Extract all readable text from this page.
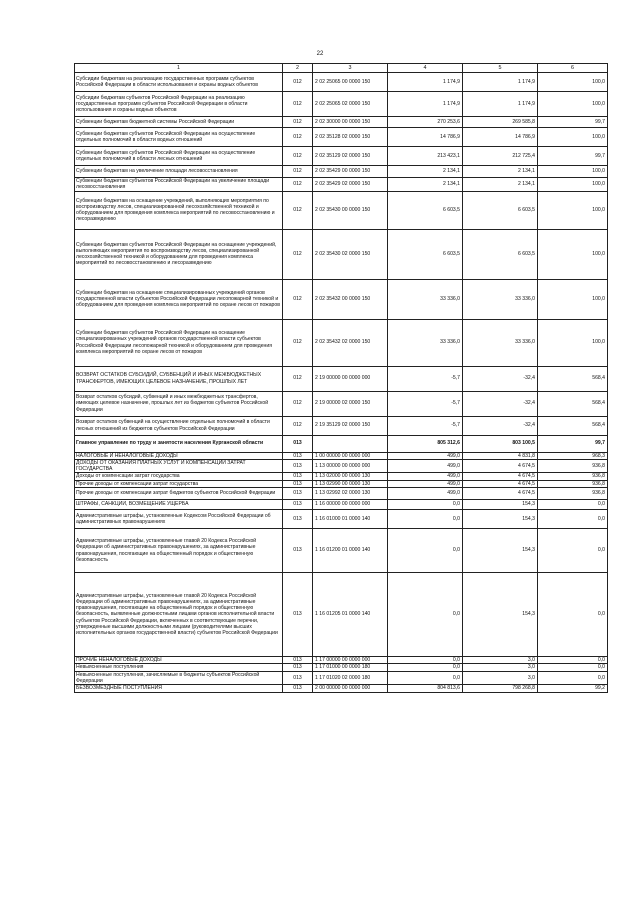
22
1	2	3	4	5	6
Субсидии бюджетам на реализацию государственных программ субъектов Российской Федерации в области использования и охраны водных объектов	012	2 02 25065 00 0000 150	1 174,9	1 174,9	100,0
Субсидии бюджетам субъектов Российской Федерации на реализацию государственных программ субъектов Российской Федерации в области использования и охраны водных объектов	012	2 02 25065 02 0000 150	1 174,9	1 174,9	100,0
Субвенции бюджетам бюджетной системы Российской Федерации	012	2 02 30000 00 0000 150	270 253,6	269 585,8	99,7
Субвенции бюджетам субъектов Российской Федерации на осуществление отдельных полномочий в области водных отношений	012	2 02 35128 02 0000 150	14 786,9	14 786,9	100,0
Субвенции бюджетам субъектов Российской Федерации на осуществление отдельных полномочий в области лесных отношений	012	2 02 35129 02 0000 150	213 423,1	212 725,4	99,7
Субвенции бюджетам на увеличение площади лесовосстановления	012	2 02 35429 00 0000 150	2 134,1	2 134,1	100,0
Субвенции бюджетам субъектов Российской Федерации на увеличение площади лесовосстановления	012	2 02 35429 02 0000 150	2 134,1	2 134,1	100,0
Субвенции бюджетам на оснащение учреждений, выполняющих мероприятия по воспроизводству лесов, специализированной лесохозяйственной техникой и оборудованием для проведения комплекса мероприятий по лесовосстановлению и лесоразведению	012	2 02 35430 00 0000 150	6 603,5	6 603,5	100,0
Субвенции бюджетам субъектов Российской Федерации на оснащение учреждений, выполняющих мероприятия по воспроизводству лесов, специализированной лесохозяйственной техникой и оборудованием для проведения комплекса мероприятий по лесовосстановлению и лесоразведению	012	2 02 35430 02 0000 150	6 603,5	6 603,5	100,0
Субвенции бюджетам на оснащение специализированных учреждений органов государственной власти субъектов Российской Федерации лесопожарной техникой и оборудованием для проведения комплекса мероприятий по охране лесов от пожаров	012	2 02 35432 00 0000 150	33 336,0	33 336,0	100,0
Субвенции бюджетам субъектов Российской Федерации на оснащение специализированных учреждений органов государственной власти субъектов Российской Федерации лесопожарной техникой и оборудованием для проведения комплекса мероприятий по охране лесов от пожаров	012	2 02 35432 02 0000 150	33 336,0	33 336,0	100,0
ВОЗВРАТ ОСТАТКОВ СУБСИДИЙ, СУБВЕНЦИЙ И ИНЫХ МЕЖБЮДЖЕТНЫХ ТРАНСФЕРТОВ, ИМЕЮЩИХ ЦЕЛЕВОЕ НАЗНАЧЕНИЕ, ПРОШЛЫХ ЛЕТ	012	2 19 00000 00 0000 000	-5,7	-32,4	568,4
Возврат остатков субсидий, субвенций и иных межбюджетных трансфертов, имеющих целевое назначение, прошлых лет из бюджетов субъектов Российской Федерации	012	2 19 00000 02 0000 150	-5,7	-32,4	568,4
Возврат остатков субвенций на осуществление отдельных полномочий в области лесных отношений из бюджетов субъектов Российской Федерации	012	2 19 35129 02 0000 150	-5,7	-32,4	568,4
Главное управление по труду и занятости населения Курганской области	013		805 312,6	803 100,5	99,7
НАЛОГОВЫЕ И НЕНАЛОГОВЫЕ ДОХОДЫ	013	1 00 00000 00 0000 000	499,0	4 831,8	968,3
ДОХОДЫ ОТ ОКАЗАНИЯ ПЛАТНЫХ УСЛУГ И КОМПЕНСАЦИИ ЗАТРАТ ГОСУДАРСТВА	013	1 13 00000 00 0000 000	499,0	4 674,5	936,8
Доходы от компенсации затрат государства	013	1 13 02000 00 0000 130	499,0	4 674,5	936,8
Прочие доходы от компенсации затрат государства	013	1 13 02990 00 0000 130	499,0	4 674,5	936,8
Прочие доходы от компенсации затрат бюджетов субъектов Российской Федерации	013	1 13 02992 02 0000 130	499,0	4 674,5	936,8
ШТРАФЫ, САНКЦИИ, ВОЗМЕЩЕНИЕ УЩЕРБА	013	1 16 00000 00 0000 000	0,0	154,3	0,0
Административные штрафы, установленные Кодексом Российской Федерации об административных правонарушениях	013	1 16 01000 01 0000 140	0,0	154,3	0,0
Административные штрафы, установленные главой 20 Кодекса Российской Федерации об административных правонарушениях, за административные правонарушения, посягающие на общественный порядок и общественную безопасность	013	1 16 01200 01 0000 140	0,0	154,3	0,0
Административные штрафы, установленные главой 20 Кодекса Российской Федерации об административных правонарушениях, за административные правонарушения, посягающие на общественный порядок и общественную безопасность, выявленные должностными лицами органов исполнительной власти субъектов Российской Федерации, включенных в соответствующие перечни, утвержденные высшими должностными лицами (руководителями высших исполнительных органов государственной власти) субъектов Российской Федерации	013	1 16 01205 01 0000 140	0,0	154,3	0,0
ПРОЧИЕ НЕНАЛОГОВЫЕ ДОХОДЫ	013	1 17 00000 00 0000 000	0,0	3,0	0,0
Невыясненные поступления	013	1 17 01000 00 0000 180	0,0	3,0	0,0
Невыясненные поступления, зачисляемые в бюджеты субъектов Российской Федерации	013	1 17 01020 02 0000 180	0,0	3,0	0,0
БЕЗВОЗМЕЗДНЫЕ ПОСТУПЛЕНИЯ	013	2 00 00000 00 0000 000	804 813,6	798 268,8	99,2
